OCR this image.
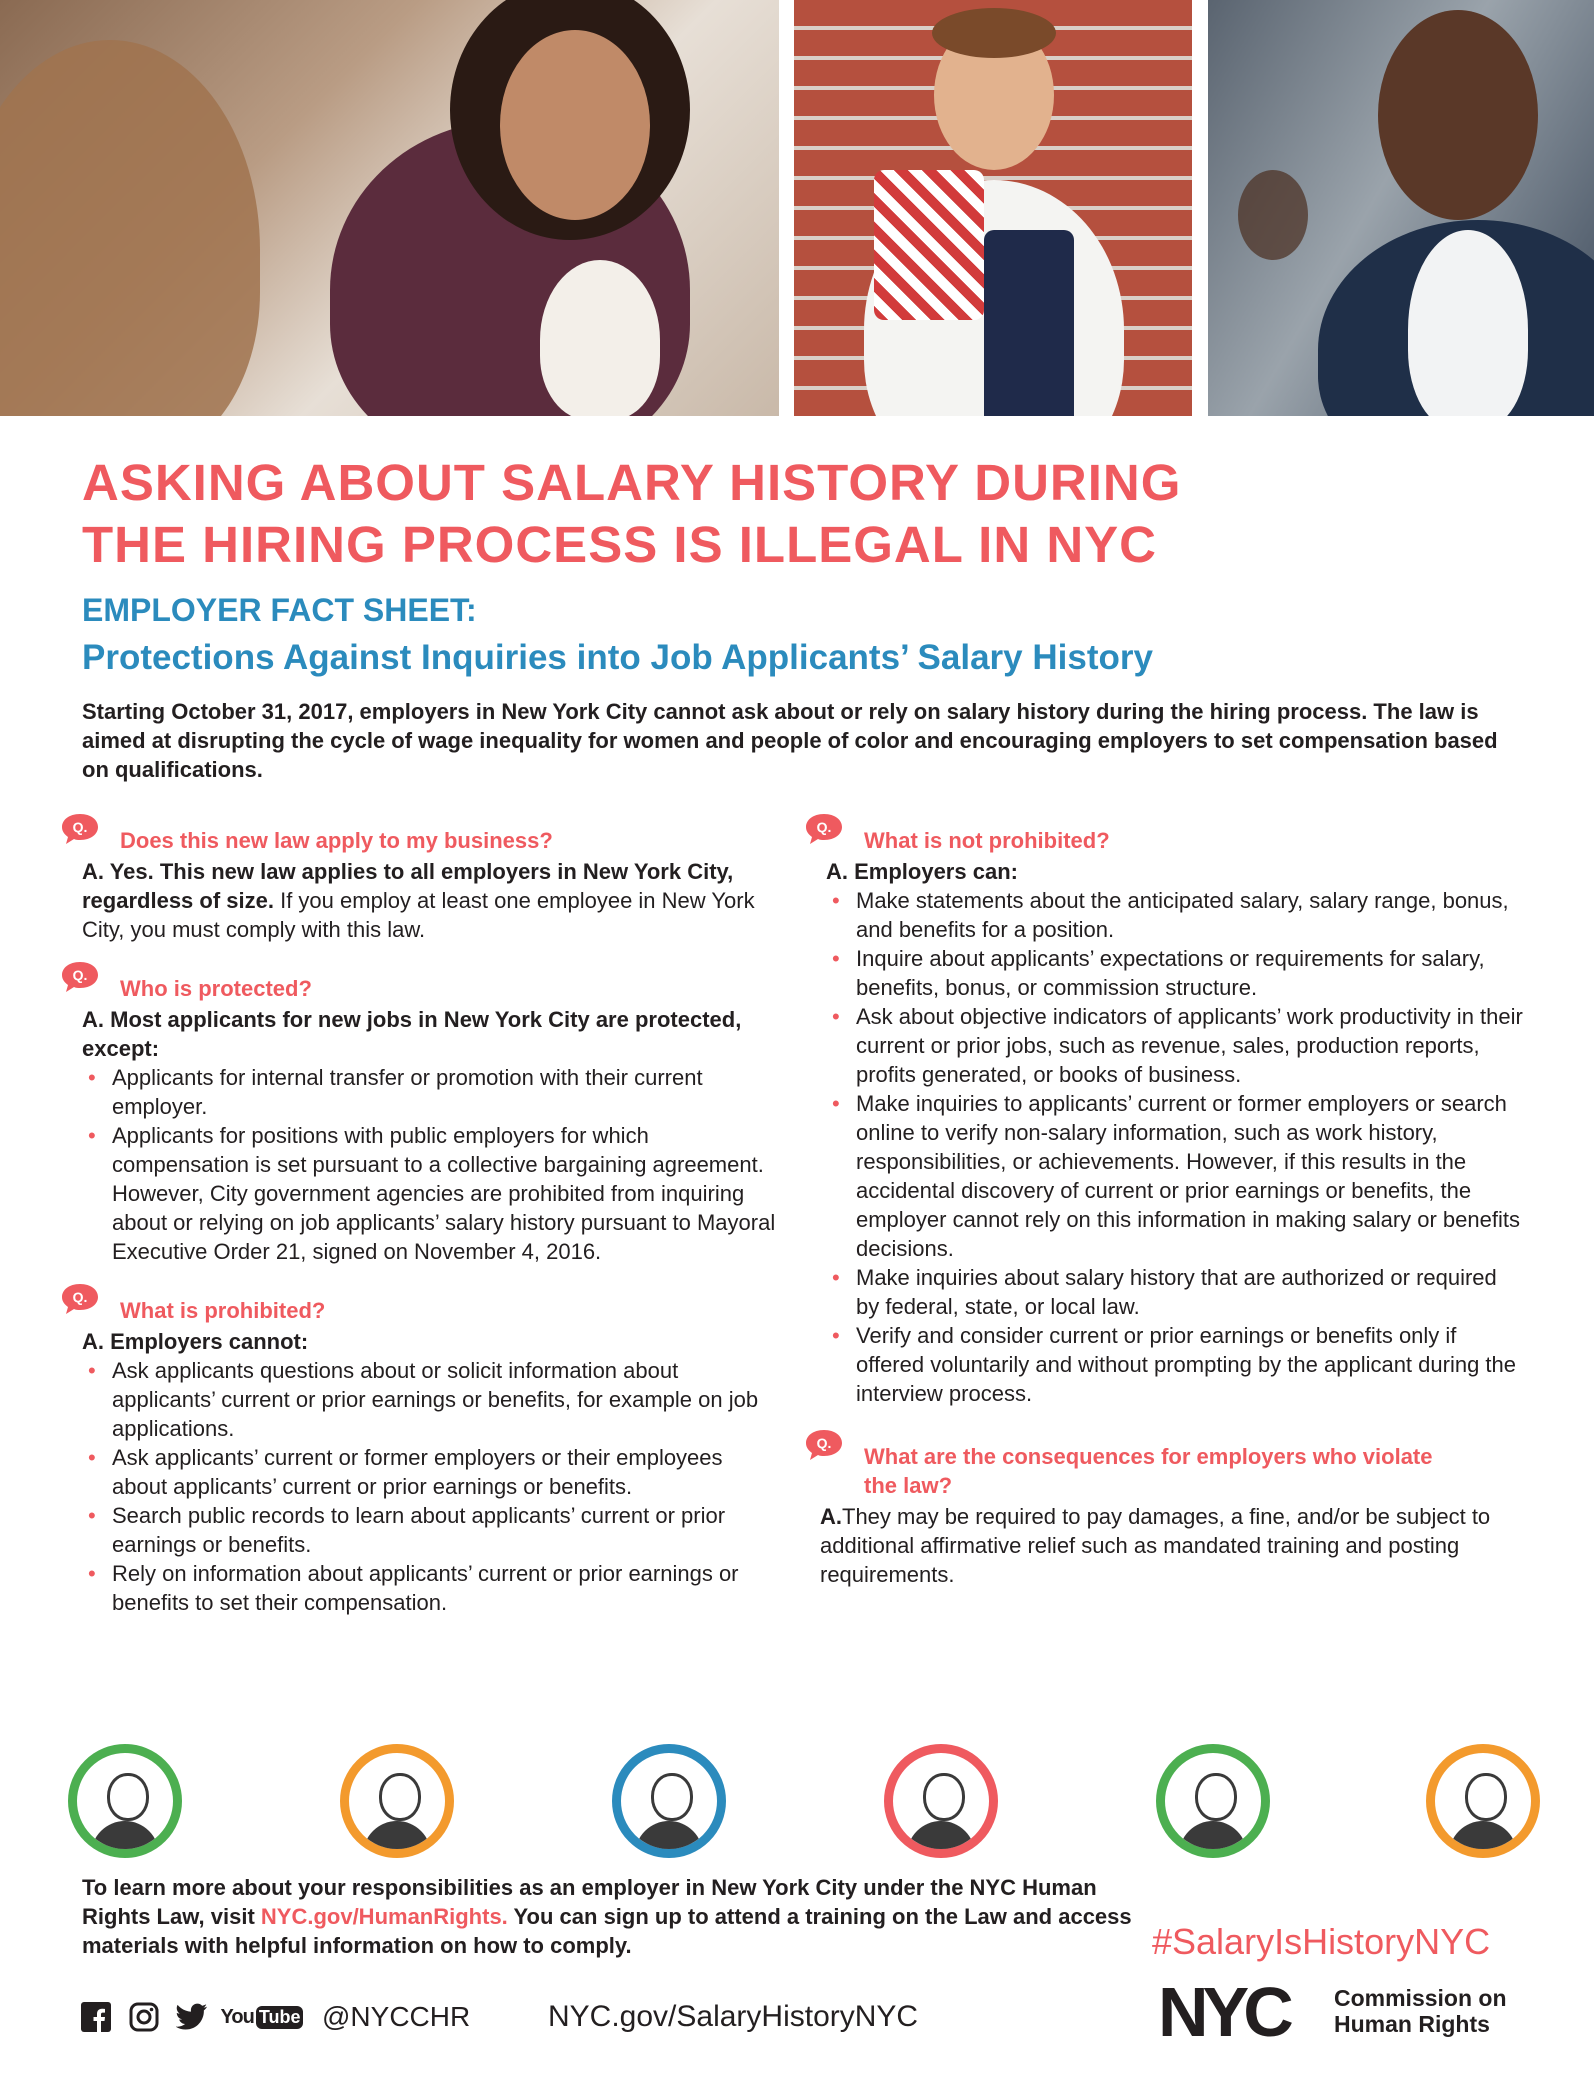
ASKING ABOUT SALARY HISTORY DURING
THE HIRING PROCESS IS ILLEGAL IN NYC
EMPLOYER FACT SHEET:
Protections Against Inquiries into Job Applicants’ Salary History

Starting October 31, 2017, employers in New York City cannot ask about or rely on salary history during the hiring process. The law is aimed at disrupting the cycle of wage inequality for women and people of color and encouraging employers to set compensation based on qualifications.

Q.

Does this new law apply to my business?

A. Yes. This new law applies to all employers in New York City, regardless of size. If you employ at least one employee in New York City, you must comply with this law.

Q.

Who is protected?

A. Most applicants for new jobs in New York City are protected, except:

• Applicants for internal transfer or promotion with their current employer.
• Applicants for positions with public employers for which compensation is set pursuant to a collective bargaining agreement. However, City government agencies are prohibited from inquiring about or relying on job applicants’ salary history pursuant to Mayoral Executive Order 21, signed on November 4, 2016.
Q.

What is prohibited?

A. Employers cannot:

• Ask applicants questions about or solicit information about applicants’ current or prior earnings or benefits, for example on job applications.
• Ask applicants’ current or former employers or their employees about applicants’ current or prior earnings or benefits.
• Search public records to learn about applicants’ current or prior earnings or benefits.
• Rely on information about applicants’ current or prior earnings or benefits to set their compensation.
Q.

What is not prohibited?

A. Employers can:

• Make statements about the anticipated salary, salary range, bonus, and benefits for a position.
• Inquire about applicants’ expectations or requirements for salary, benefits, bonus, or commission structure.
• Ask about objective indicators of applicants’ work productivity in their current or prior jobs, such as revenue, sales, production reports, profits generated, or books of business.
• Make inquiries to applicants’ current or former employers or search online to verify non-salary information, such as work history, responsibilities, or achievements. However, if this results in the accidental discovery of current or prior earnings or benefits, the employer cannot rely on this information in making salary or benefits decisions.
• Make inquiries about salary history that are authorized or required by federal, state, or local law.
• Verify and consider current or prior earnings or benefits only if offered voluntarily and without prompting by the applicant during the interview process.
Q.

What are the consequences for employers who violate the law?

A.They may be required to pay damages, a fine, and/or be subject to additional affirmative relief such as mandated training and posting requirements.

To learn more about your responsibilities as an employer in New York City under the NYC Human Rights Law, visit NYC.gov/HumanRights. You can sign up to attend a training on the Law and access materials with helpful information on how to comply.	#SalaryIsHistoryNYC

You Tube @NYCCHR	NYC.gov/SalaryHistoryNYC	NYC Commission on
Human Rights
